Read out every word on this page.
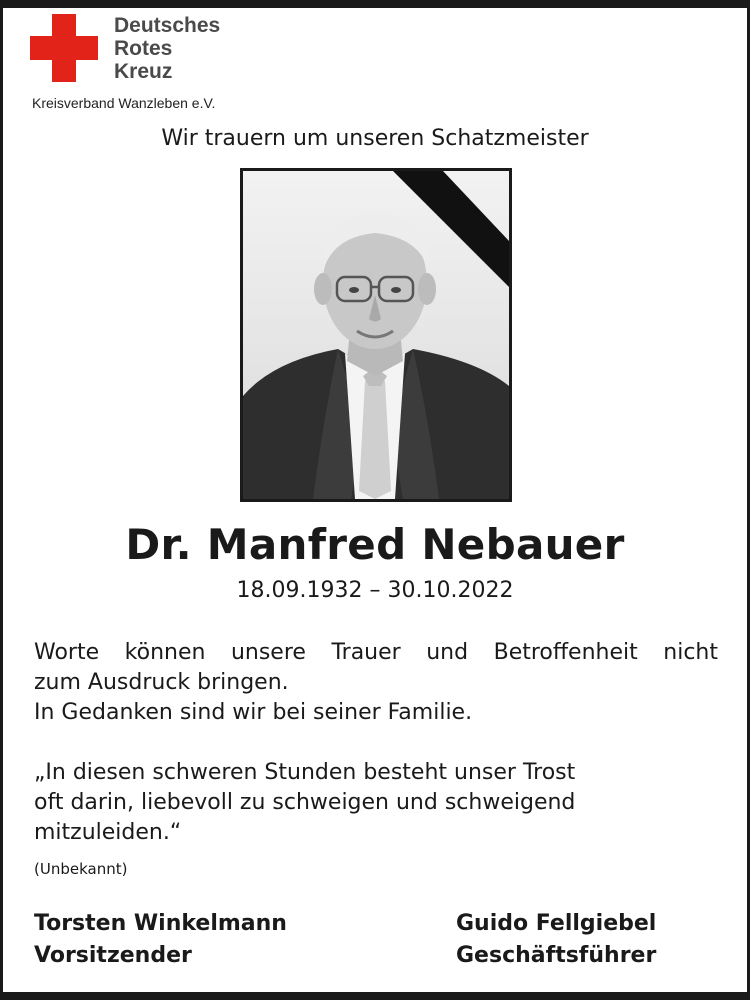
Deutsches
Rotes
Kreuz
Kreisverband Wanzleben e.V.
Wir trauern um unseren Schatzmeister
Dr. Manfred Nebauer
18.09.1932 – 30.10.2022
Worte können unsere Trauer und Betroffenheit nicht
zum Ausdruck bringen.
In Gedanken sind wir bei seiner Familie.
„In diesen schweren Stunden besteht unser Trost
oft darin, liebevoll zu schweigen und schweigend
mitzuleiden.“
(Unbekannt)
Torsten Winkelmann
Vorsitzender
Guido Fellgiebel
Geschäftsführer
